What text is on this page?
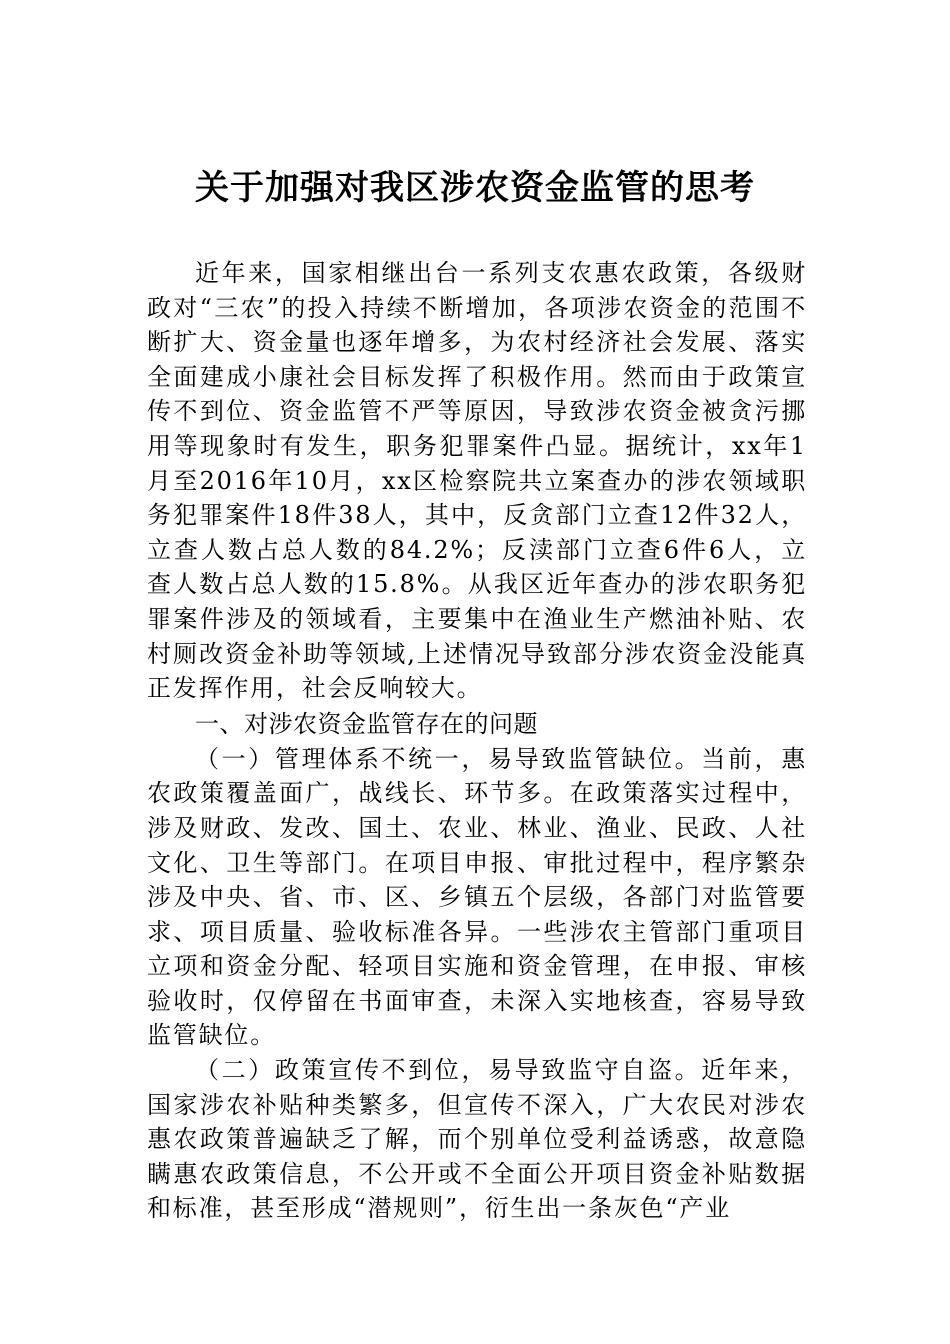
关于加强对我区涉农资金监管的思考

近年来，国家相继出台一系列支农惠农政策，各级财政对“三农”的投入持续不断增加，各项涉农资金的范围不断扩大、资金量也逐年增多，为农村经济社会发展、落实全面建成小康社会目标发挥了积极作用。然而由于政策宣传不到位、资金监管不严等原因，导致涉农资金被贪污挪用等现象时有发生，职务犯罪案件凸显。据统计，xx年1月至2016年10月，xx区检察院共立案查办的涉农领域职务犯罪案件18件38人，其中，反贪部门立查12件32人，立查人数占总人数的84.2%；反渎部门立查6件6人，立查人数占总人数的15.8%。从我区近年查办的涉农职务犯罪案件涉及的领域看，主要集中在渔业生产燃油补贴、农村厕改资金补助等领域,上述情况导致部分涉农资金没能真正发挥作用，社会反响较大。

一、对涉农资金监管存在的问题

（一）管理体系不统一，易导致监管缺位。当前，惠农政策覆盖面广，战线长、环节多。在政策落实过程中，涉及财政、发改、国土、农业、林业、渔业、民政、人社文化、卫生等部门。在项目申报、审批过程中，程序繁杂涉及中央、省、市、区、乡镇五个层级，各部门对监管要求、项目质量、验收标准各异。一些涉农主管部门重项目立项和资金分配、轻项目实施和资金管理，在申报、审核验收时，仅停留在书面审查，未深入实地核查，容易导致监管缺位。

（二）政策宣传不到位，易导致监守自盗。近年来，国家涉农补贴种类繁多，但宣传不深入，广大农民对涉农惠农政策普遍缺乏了解，而个别单位受利益诱惑，故意隐瞒惠农政策信息，不公开或不全面公开项目资金补贴数据和标准，甚至形成“潜规则”，衍生出一条灰色“产业
